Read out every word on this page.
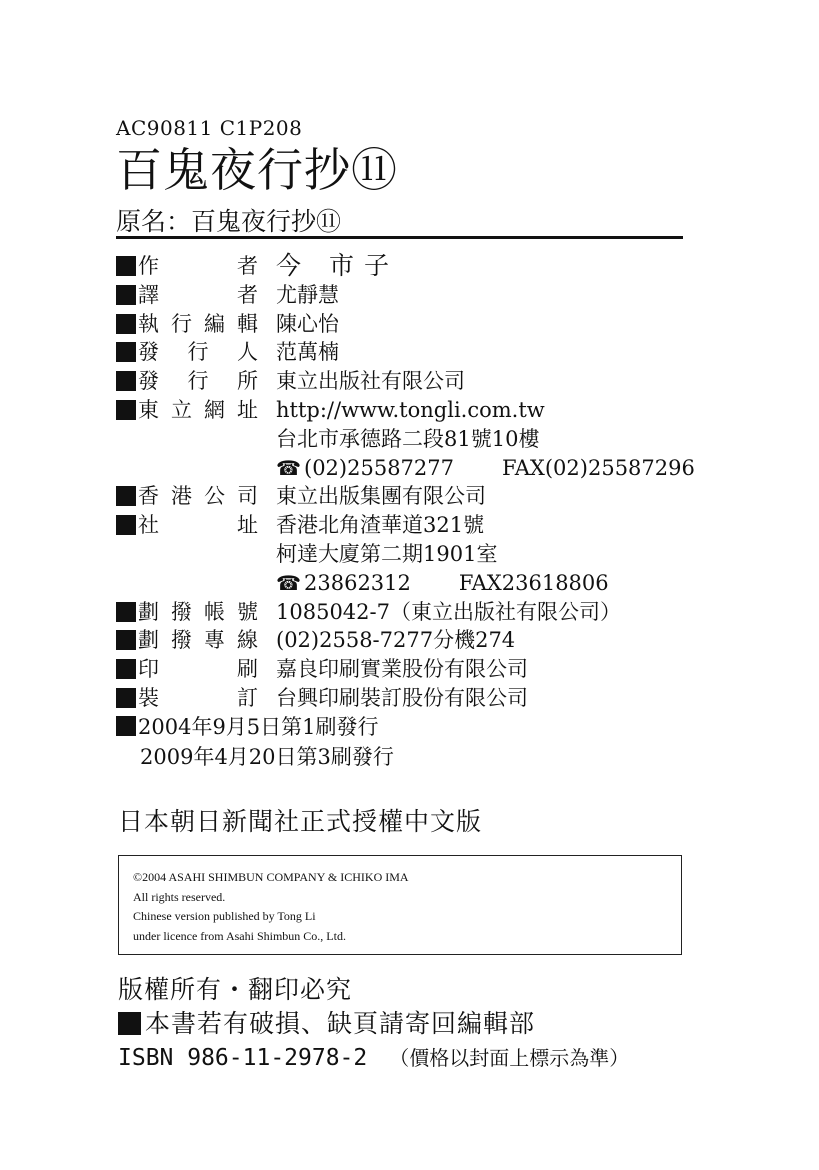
AC90811 C1P208
百鬼夜行抄⑪
原名：百鬼夜行抄⑪
作　者 今 市子
譯　者 尤靜慧
執行編輯 陳心怡
發 行 人 范萬楠
發 行 所 東立出版社有限公司
東立網址 http://www.tongli.com.tw
台北市承德路二段81號10樓
☎ (02)25587277 FAX(02)25587296
香港公司 東立出版集團有限公司
社　址 香港北角渣華道321號
柯達大廈第二期1901室
☎ 23862312 FAX23618806
劃撥帳號 1085042-7（東立出版社有限公司）
劃撥專線 (02)2558-7277分機274
印　刷 嘉良印刷實業股份有限公司
裝　訂 台興印刷裝訂股份有限公司
2004年9月5日第1刷發行
2009年4月20日第3刷發行
日本朝日新聞社正式授權中文版
©2004 ASAHI SHIMBUN COMPANY & ICHIKO IMA
All rights reserved.
Chinese version published by Tong Li
under licence from Asahi Shimbun Co., Ltd.
版權所有・翻印必究
本書若有破損、缺頁請寄回編輯部
ISBN 986-11-2978-2 （價格以封面上標示為準）
